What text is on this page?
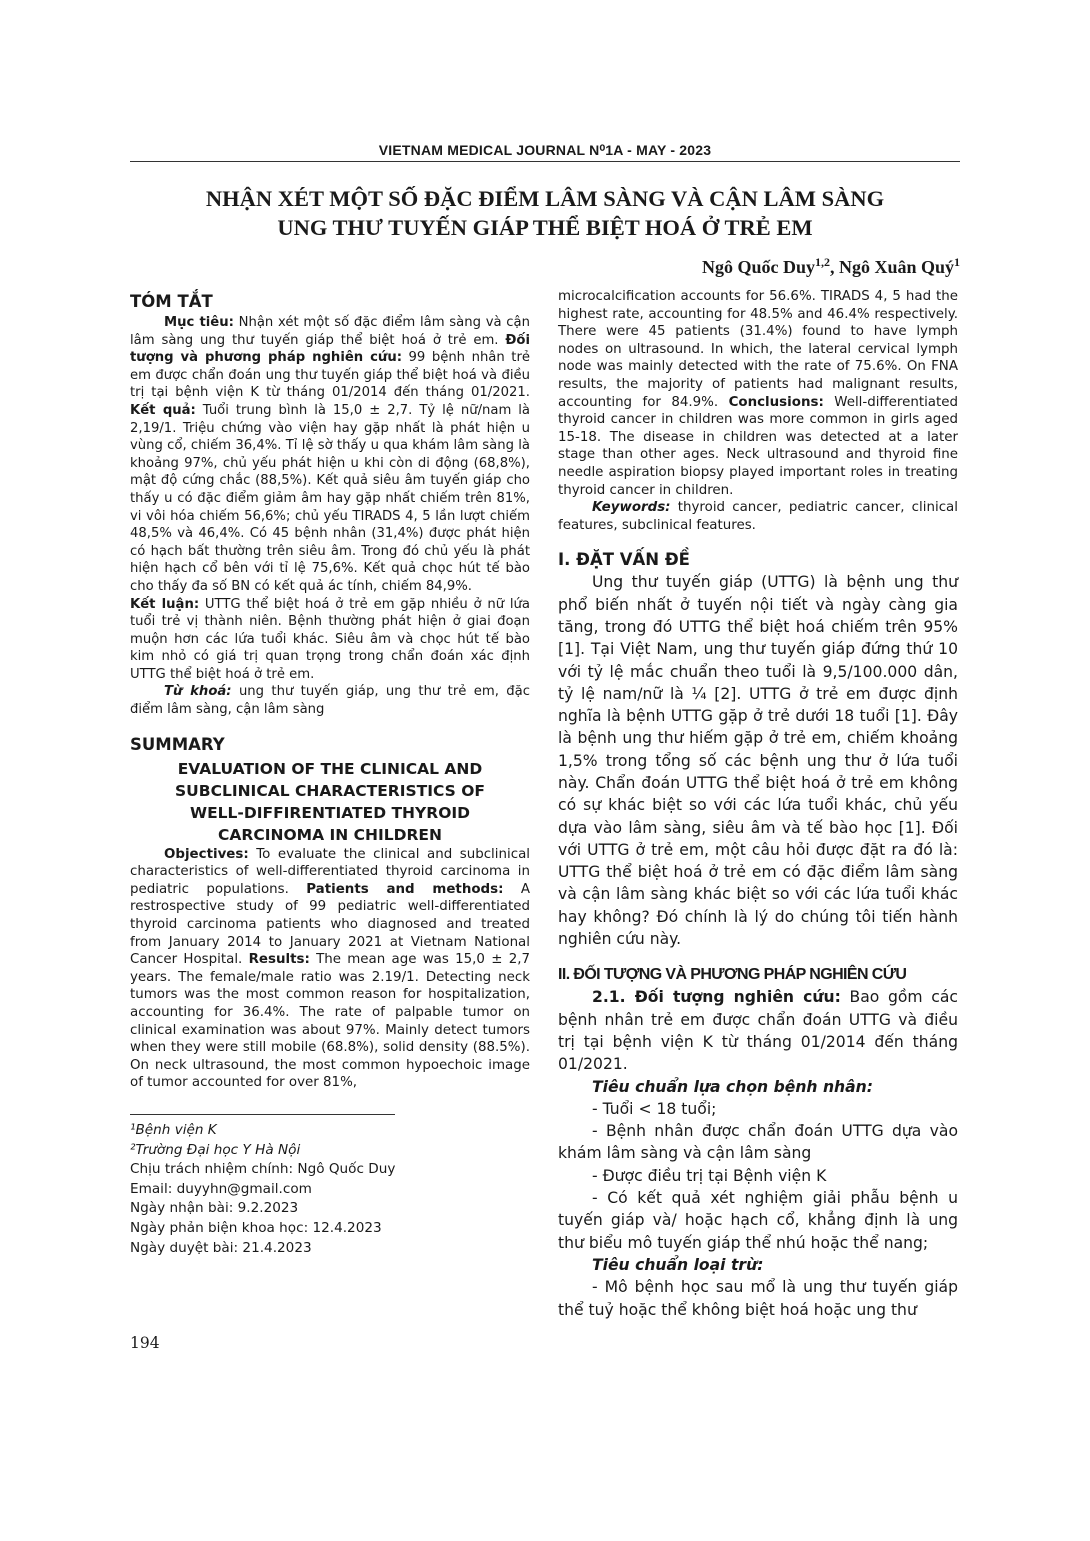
VIETNAM MEDICAL JOURNAL N⁰1A - MAY - 2023
NHẬN XÉT MỘT SỐ ĐẶC ĐIỂM LÂM SÀNG VÀ CẬN LÂM SÀNG
UNG THƯ TUYẾN GIÁP THỂ BIỆT HOÁ Ở TRẺ EM
Ngô Quốc Duy$^{1,2}$, Ngô Xuân Quý$^1$
TÓM TẮT

Mục tiêu: Nhận xét một số đặc điểm lâm sàng và cận lâm sàng ung thư tuyến giáp thể biệt hoá ở trẻ em. Đối tượng và phương pháp nghiên cứu: 99 bệnh nhân trẻ em được chẩn đoán ung thư tuyến giáp thể biệt hoá và điều trị tại bệnh viện K từ tháng 01/2014 đến tháng 01/2021. Kết quả: Tuổi trung bình là 15,0 ± 2,7. Tỷ lệ nữ/nam là 2,19/1. Triệu chứng vào viện hay gặp nhất là phát hiện u vùng cổ, chiếm 36,4%. Tỉ lệ sờ thấy u qua khám lâm sàng là khoảng 97%, chủ yếu phát hiện u khi còn di động (68,8%), mật độ cứng chắc (88,5%). Kết quả siêu âm tuyến giáp cho thấy u có đặc điểm giảm âm hay gặp nhất chiếm trên 81%, vi vôi hóa chiếm 56,6%; chủ yếu TIRADS 4, 5 lần lượt chiếm 48,5% và 46,4%. Có 45 bệnh nhân (31,4%) được phát hiện có hạch bất thường trên siêu âm. Trong đó chủ yếu là phát hiện hạch cổ bên với tỉ lệ 75,6%. Kết quả chọc hút tế bào cho thấy đa số BN có kết quả ác tính, chiếm 84,9%.
Kết luận: UTTG thể biệt hoá ở trẻ em gặp nhiều ở nữ lứa tuổi trẻ vị thành niên. Bệnh thường phát hiện ở giai đoạn muộn hơn các lứa tuổi khác. Siêu âm và chọc hút tế bào kim nhỏ có giá trị quan trọng trong chẩn đoán xác định UTTG thể biệt hoá ở trẻ em.

Từ khoá: ung thư tuyến giáp, ung thư trẻ em, đặc điểm lâm sàng, cận lâm sàng

SUMMARY
EVALUATION OF THE CLINICAL AND
SUBCLINICAL CHARACTERISTICS OF
WELL-DIFFIRENTIATED THYROID
CARCINOMA IN CHILDREN

Objectives: To evaluate the clinical and subclinical characteristics of well-differentiated thyroid carcinoma in pediatric populations. Patients and methods: A restrospective study of 99 pediatric well-differentiated thyroid carcinoma patients who diagnosed and treated from January 2014 to January 2021 at Vietnam National Cancer Hospital. Results: The mean age was 15,0 ± 2,7 years. The female/male ratio was 2.19/1. Detecting neck tumors was the most common reason for hospitalization, accounting for 36.4%. The rate of palpable tumor on clinical examination was about 97%. Mainly detect tumors when they were still mobile (68.8%), solid density (88.5%). On neck ultrasound, the most common hypoechoic image of tumor accounted for over 81%,

¹Bệnh viện K
²Trường Đại học Y Hà Nội
Chịu trách nhiệm chính: Ngô Quốc Duy
Email: duyyhn@gmail.com
Ngày nhận bài: 9.2.2023
Ngày phản biện khoa học: 12.4.2023
Ngày duyệt bài: 21.4.2023
194

microcalcification accounts for 56.6%. TIRADS 4, 5 had the highest rate, accounting for 48.5% and 46.4% respectively. There were 45 patients (31.4%) found to have lymph nodes on ultrasound. In which, the lateral cervical lymph node was mainly detected with the rate of 75.6%. On FNA results, the majority of patients had malignant results, accounting for 84.9%. Conclusions: Well-differentiated thyroid cancer in children was more common in girls aged 15-18. The disease in children was detected at a later stage than other ages. Neck ultrasound and thyroid fine needle aspiration biopsy played important roles in treating thyroid cancer in children.

Keywords: thyroid cancer, pediatric cancer, clinical features, subclinical features.

I. ĐẶT VẤN ĐỀ

Ung thư tuyến giáp (UTTG) là bệnh ung thư phổ biến nhất ở tuyến nội tiết và ngày càng gia tăng, trong đó UTTG thể biệt hoá chiếm trên 95% [1]. Tại Việt Nam, ung thư tuyến giáp đứng thứ 10 với tỷ lệ mắc chuẩn theo tuổi là 9,5/100.000 dân, tỷ lệ nam/nữ là ¼ [2]. UTTG ở trẻ em được định nghĩa là bệnh UTTG gặp ở trẻ dưới 18 tuổi [1]. Đây là bệnh ung thư hiếm gặp ở trẻ em, chiếm khoảng 1,5% trong tổng số các bệnh ung thư ở lứa tuổi này. Chẩn đoán UTTG thể biệt hoá ở trẻ em không có sự khác biệt so với các lứa tuổi khác, chủ yếu dựa vào lâm sàng, siêu âm và tế bào học [1]. Đối với UTTG ở trẻ em, một câu hỏi được đặt ra đó là: UTTG thể biệt hoá ở trẻ em có đặc điểm lâm sàng và cận lâm sàng khác biệt so với các lứa tuổi khác hay không? Đó chính là lý do chúng tôi tiến hành nghiên cứu này.

II. ĐỐI TƯỢNG VÀ PHƯƠNG PHÁP NGHIÊN CỨU

2.1. Đối tượng nghiên cứu: Bao gồm các bệnh nhân trẻ em được chẩn đoán UTTG và điều trị tại bệnh viện K từ tháng 01/2014 đến tháng 01/2021.

Tiêu chuẩn lựa chọn bệnh nhân:

- Tuổi < 18 tuổi;

- Bệnh nhân được chẩn đoán UTTG dựa vào khám lâm sàng và cận lâm sàng

- Được điều trị tại Bệnh viện K

- Có kết quả xét nghiệm giải phẫu bệnh u tuyến giáp và/ hoặc hạch cổ, khẳng định là ung thư biểu mô tuyến giáp thể nhú hoặc thể nang;

Tiêu chuẩn loại trừ:

- Mô bệnh học sau mổ là ung thư tuyến giáp thể tuỷ hoặc thể không biệt hoá hoặc ung thư
